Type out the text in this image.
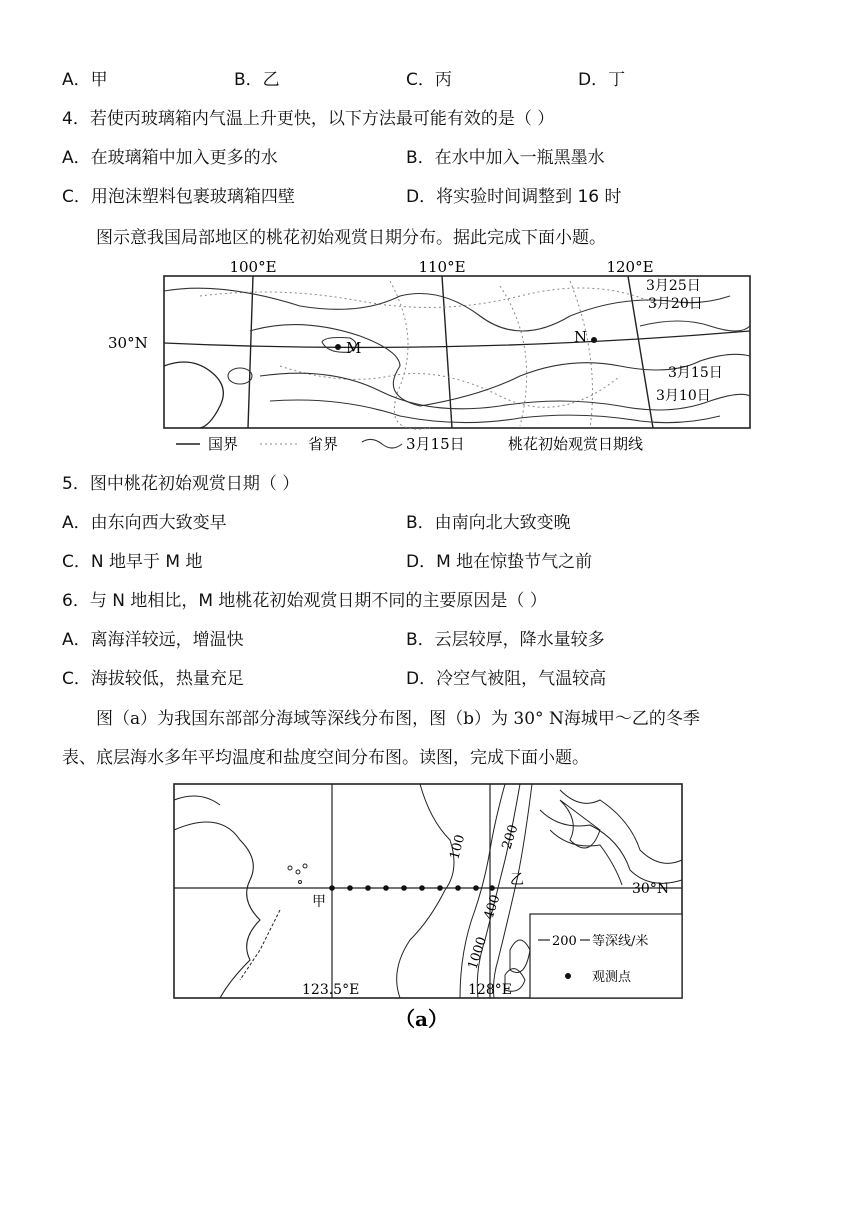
A．甲	B．乙	C．丙	D．丁
4．若使丙玻璃箱内气温上升更快，以下方法最可能有效的是（ ）
A．在玻璃箱中加入更多的水	B．在水中加入一瓶黑墨水
C．用泡沫塑料包裹玻璃箱四壁	D．将实验时间调整到 16 时
图示意我国局部地区的桃花初始观赏日期分布。据此完成下面小题。
100°E	110°E	120°E
30°N
3月25日
3月20日
3月15日
3月10日
M
N
国界	省界	3月15日	桃花初始观赏日期线
5．图中桃花初始观赏日期（ ）
A．由东向西大致变早	B．由南向北大致变晚
C．N 地早于 M 地	D．M 地在惊蛰节气之前
6．与 N 地相比，M 地桃花初始观赏日期不同的主要原因是（ ）
A．离海洋较远，增温快	B．云层较厚，降水量较多
C．海拔较低，热量充足	D．冷空气被阻，气温较高
图（a）为我国东部部分海域等深线分布图，图（b）为 30° N海城甲～乙的冬季
表、底层海水多年平均温度和盐度空间分布图。读图，完成下面小题。
100 200
400
1000
甲
乙
30°N
123.5°E	128°E
200 等深线/米
观测点
（a）
